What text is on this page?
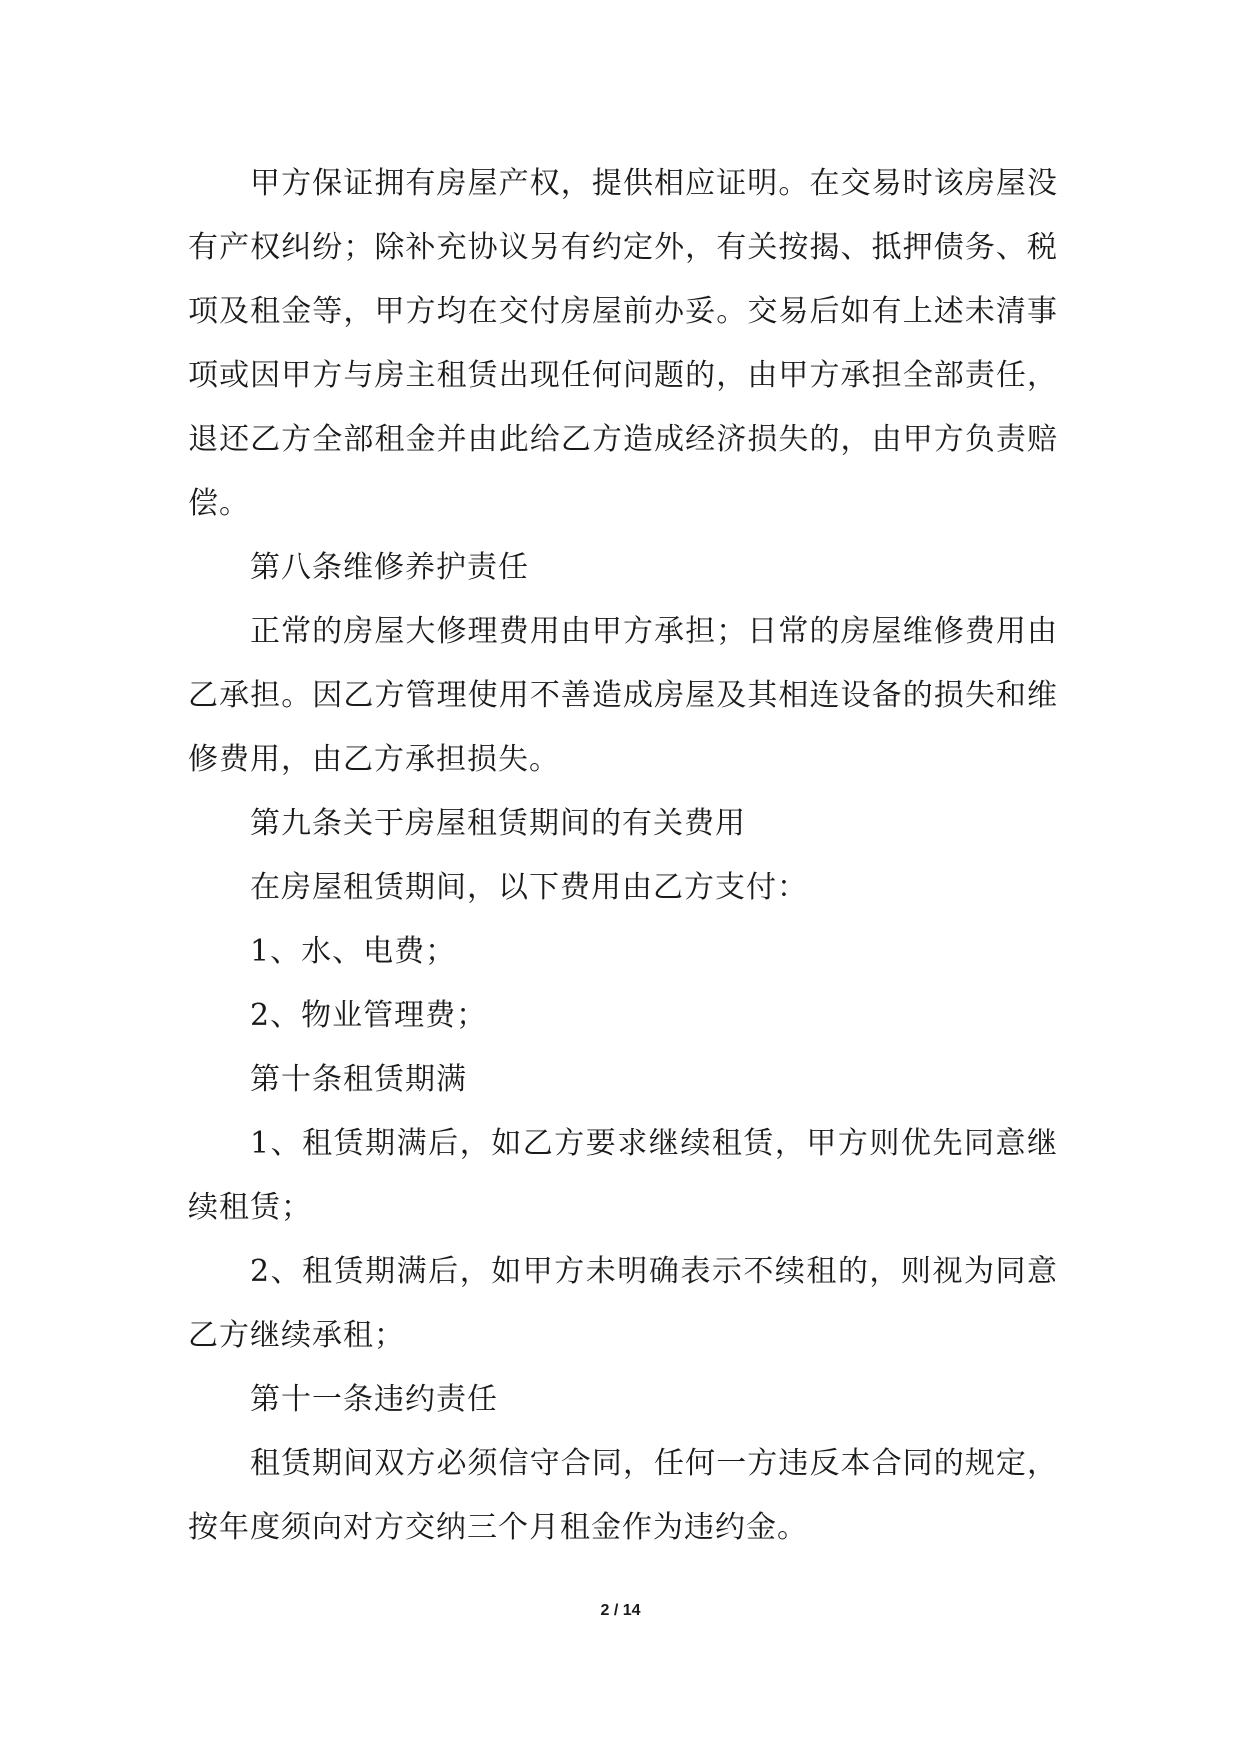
甲方保证拥有房屋产权，提供相应证明。在交易时该房屋没有产权纠纷；除补充协议另有约定外，有关按揭、抵押债务、税项及租金等，甲方均在交付房屋前办妥。交易后如有上述未清事项或因甲方与房主租赁出现任何问题的，由甲方承担全部责任，退还乙方全部租金并由此给乙方造成经济损失的，由甲方负责赔偿。

第八条维修养护责任

正常的房屋大修理费用由甲方承担；日常的房屋维修费用由乙承担。因乙方管理使用不善造成房屋及其相连设备的损失和维修费用，由乙方承担损失。

第九条关于房屋租赁期间的有关费用

在房屋租赁期间，以下费用由乙方支付：

1、水、电费；

2、物业管理费；

第十条租赁期满

1、租赁期满后，如乙方要求继续租赁，甲方则优先同意继续租赁；

2、租赁期满后，如甲方未明确表示不续租的，则视为同意乙方继续承租；

第十一条违约责任

租赁期间双方必须信守合同，任何一方违反本合同的规定，按年度须向对方交纳三个月租金作为违约金。

2 / 14
